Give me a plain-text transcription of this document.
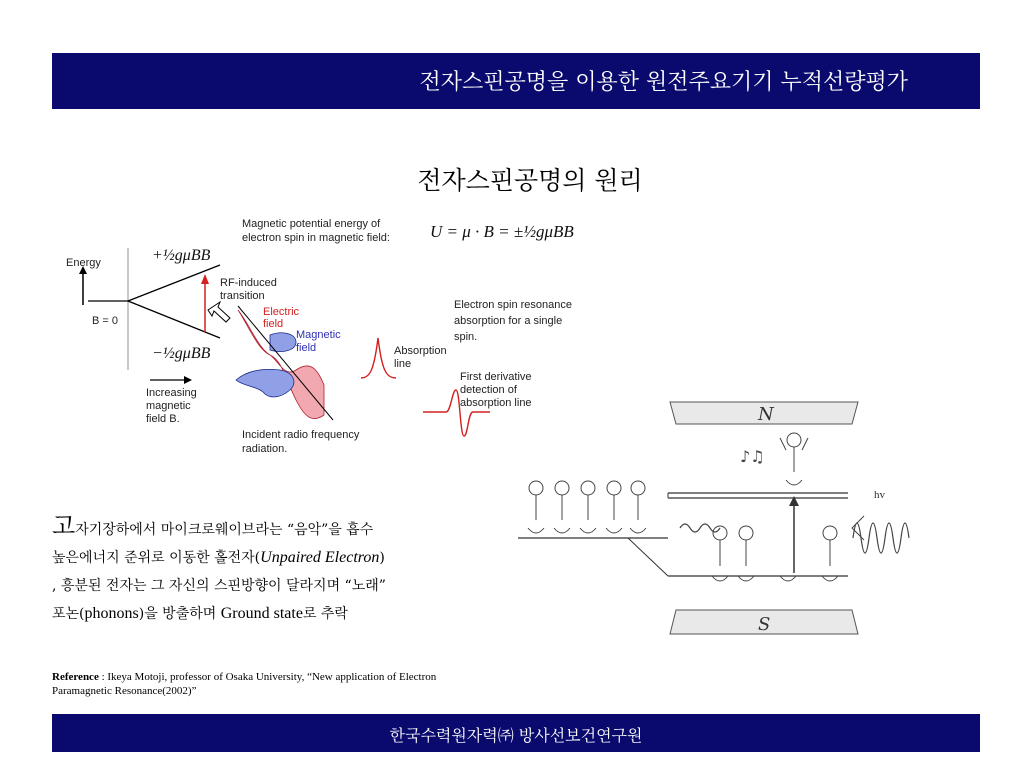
전자스핀공명을 이용한 원전주요기기 누적선량평가
전자스핀공명의 원리
Energy
B = 0
+½gμBB
−½gμBB
RF-induced transition
Electric field
Magnetic field
Increasing magnetic field B.
Incident radio frequency radiation.
Magnetic potential energy of electron spin in magnetic field: U = μ · B = ±½gμBB
Absorption line
Electron spin resonance absorption for a single spin.
First derivative detection of absorption line
고자기장하에서 마이크로웨이브라는 “음악”을 흡수
높은에너지 준위로 이동한 홀전자(Unpaired Electron)
, 흥분된 전자는 그 자신의 스핀방향이 달라지며 “노래”
포논(phonons)을 방출하며 Ground state로 추락
Reference : Ikeya Motoji, professor of Osaka University, “New application of Electron Paramagnetic Resonance(2002)”
N
S
♪♫
hv
한국수력원자력㈜ 방사선보건연구원
